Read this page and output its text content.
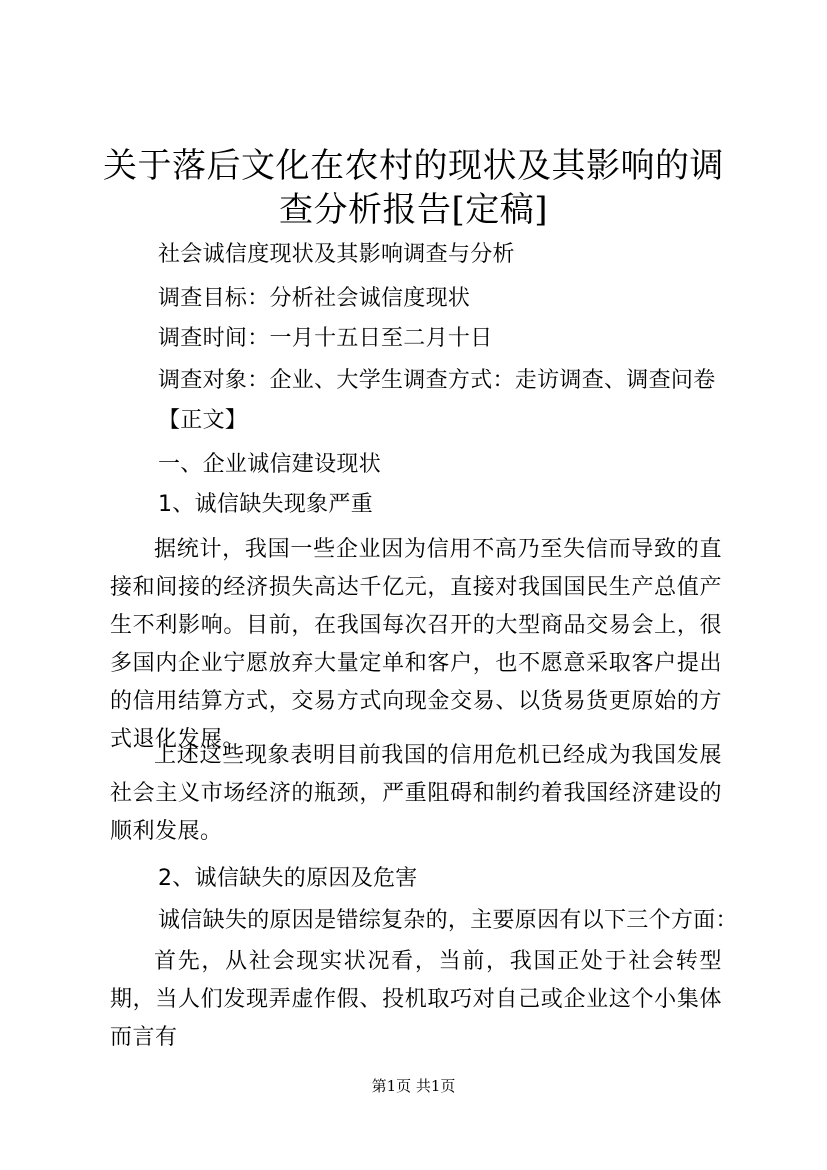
关于落后文化在农村的现状及其影响的调查分析报告[定稿]
社会诚信度现状及其影响调查与分析
调查目标：分析社会诚信度现状
调查时间：一月十五日至二月十日
调查对象：企业、大学生调查方式：走访调查、调查问卷
【正文】
一、企业诚信建设现状
1、诚信缺失现象严重
据统计，我国一些企业因为信用不高乃至失信而导致的直接和间接的经济损失高达千亿元，直接对我国国民生产总值产生不利影响。目前，在我国每次召开的大型商品交易会上，很多国内企业宁愿放弃大量定单和客户，也不愿意采取客户提出的信用结算方式，交易方式向现金交易、以货易货更原始的方式退化发展。
上述这些现象表明目前我国的信用危机已经成为我国发展社会主义市场经济的瓶颈，严重阻碍和制约着我国经济建设的顺利发展。
2、诚信缺失的原因及危害
诚信缺失的原因是错综复杂的，主要原因有以下三个方面：
首先，从社会现实状况看，当前，我国正处于社会转型期，当人们发现弄虚作假、投机取巧对自己或企业这个小集体而言有
第1页 共1页
